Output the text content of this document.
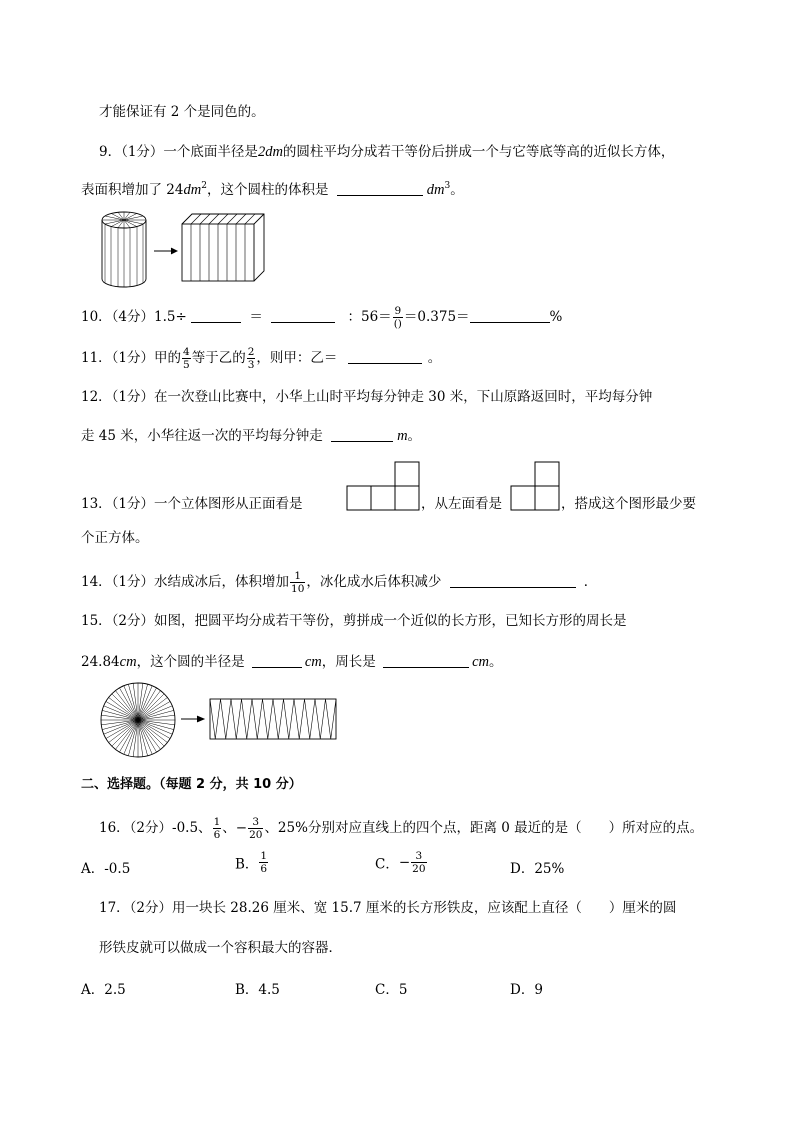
才能保证有 2 个是同色的。
9．（1分）一个底面半径是2dm的圆柱平均分成若干等份后拼成一个与它等底等高的近似长方体，
表面积增加了 $24dm^2$，这个圆柱的体积是	$dm^3$。
10．（4分）1.5÷	＝	：$56= \frac{9}{()} =0.375=$	%
11．（1分）甲的 $\frac{4}{5}$ 等于乙的 $\frac{2}{3}$ ，则甲：乙＝	。
12．（1分）在一次登山比赛中，小华上山时平均每分钟走 30 米，下山原路返回时，平均每分钟
走 45 米，小华往返一次的平均每分钟走	m。
13．（1分）一个立体图形从正面看是	，从左面看是	，搭成这个图形最少要
个正方体。
14．（1分）水结成冰后，体积增加 $\frac{1}{10}$ ，冰化成水后体积减少	．
15．（2分）如图，把圆平均分成若干等份，剪拼成一个近似的长方形，已知长方形的周长是
24.84cm，这个圆的半径是	cm，周长是	cm。
二、选择题。（每题 2 分，共 10 分）
16．（2分）-0.5、 $\frac{1}{6}$ 、− $\frac{3}{20}$ 、25%分别对应直线上的四个点，距离 0 最近的是（　　）所对应的点。
A．-0.5	B． $\frac{1}{6}$	C．− $\frac{3}{20}$	D．25%
17．（2分）用一块长 28.26 厘米、宽 15.7 厘米的长方形铁皮，应该配上直径（　　）厘米的圆
形铁皮就可以做成一个容积最大的容器．
A．2.5	B．4.5	C．5	D．9
